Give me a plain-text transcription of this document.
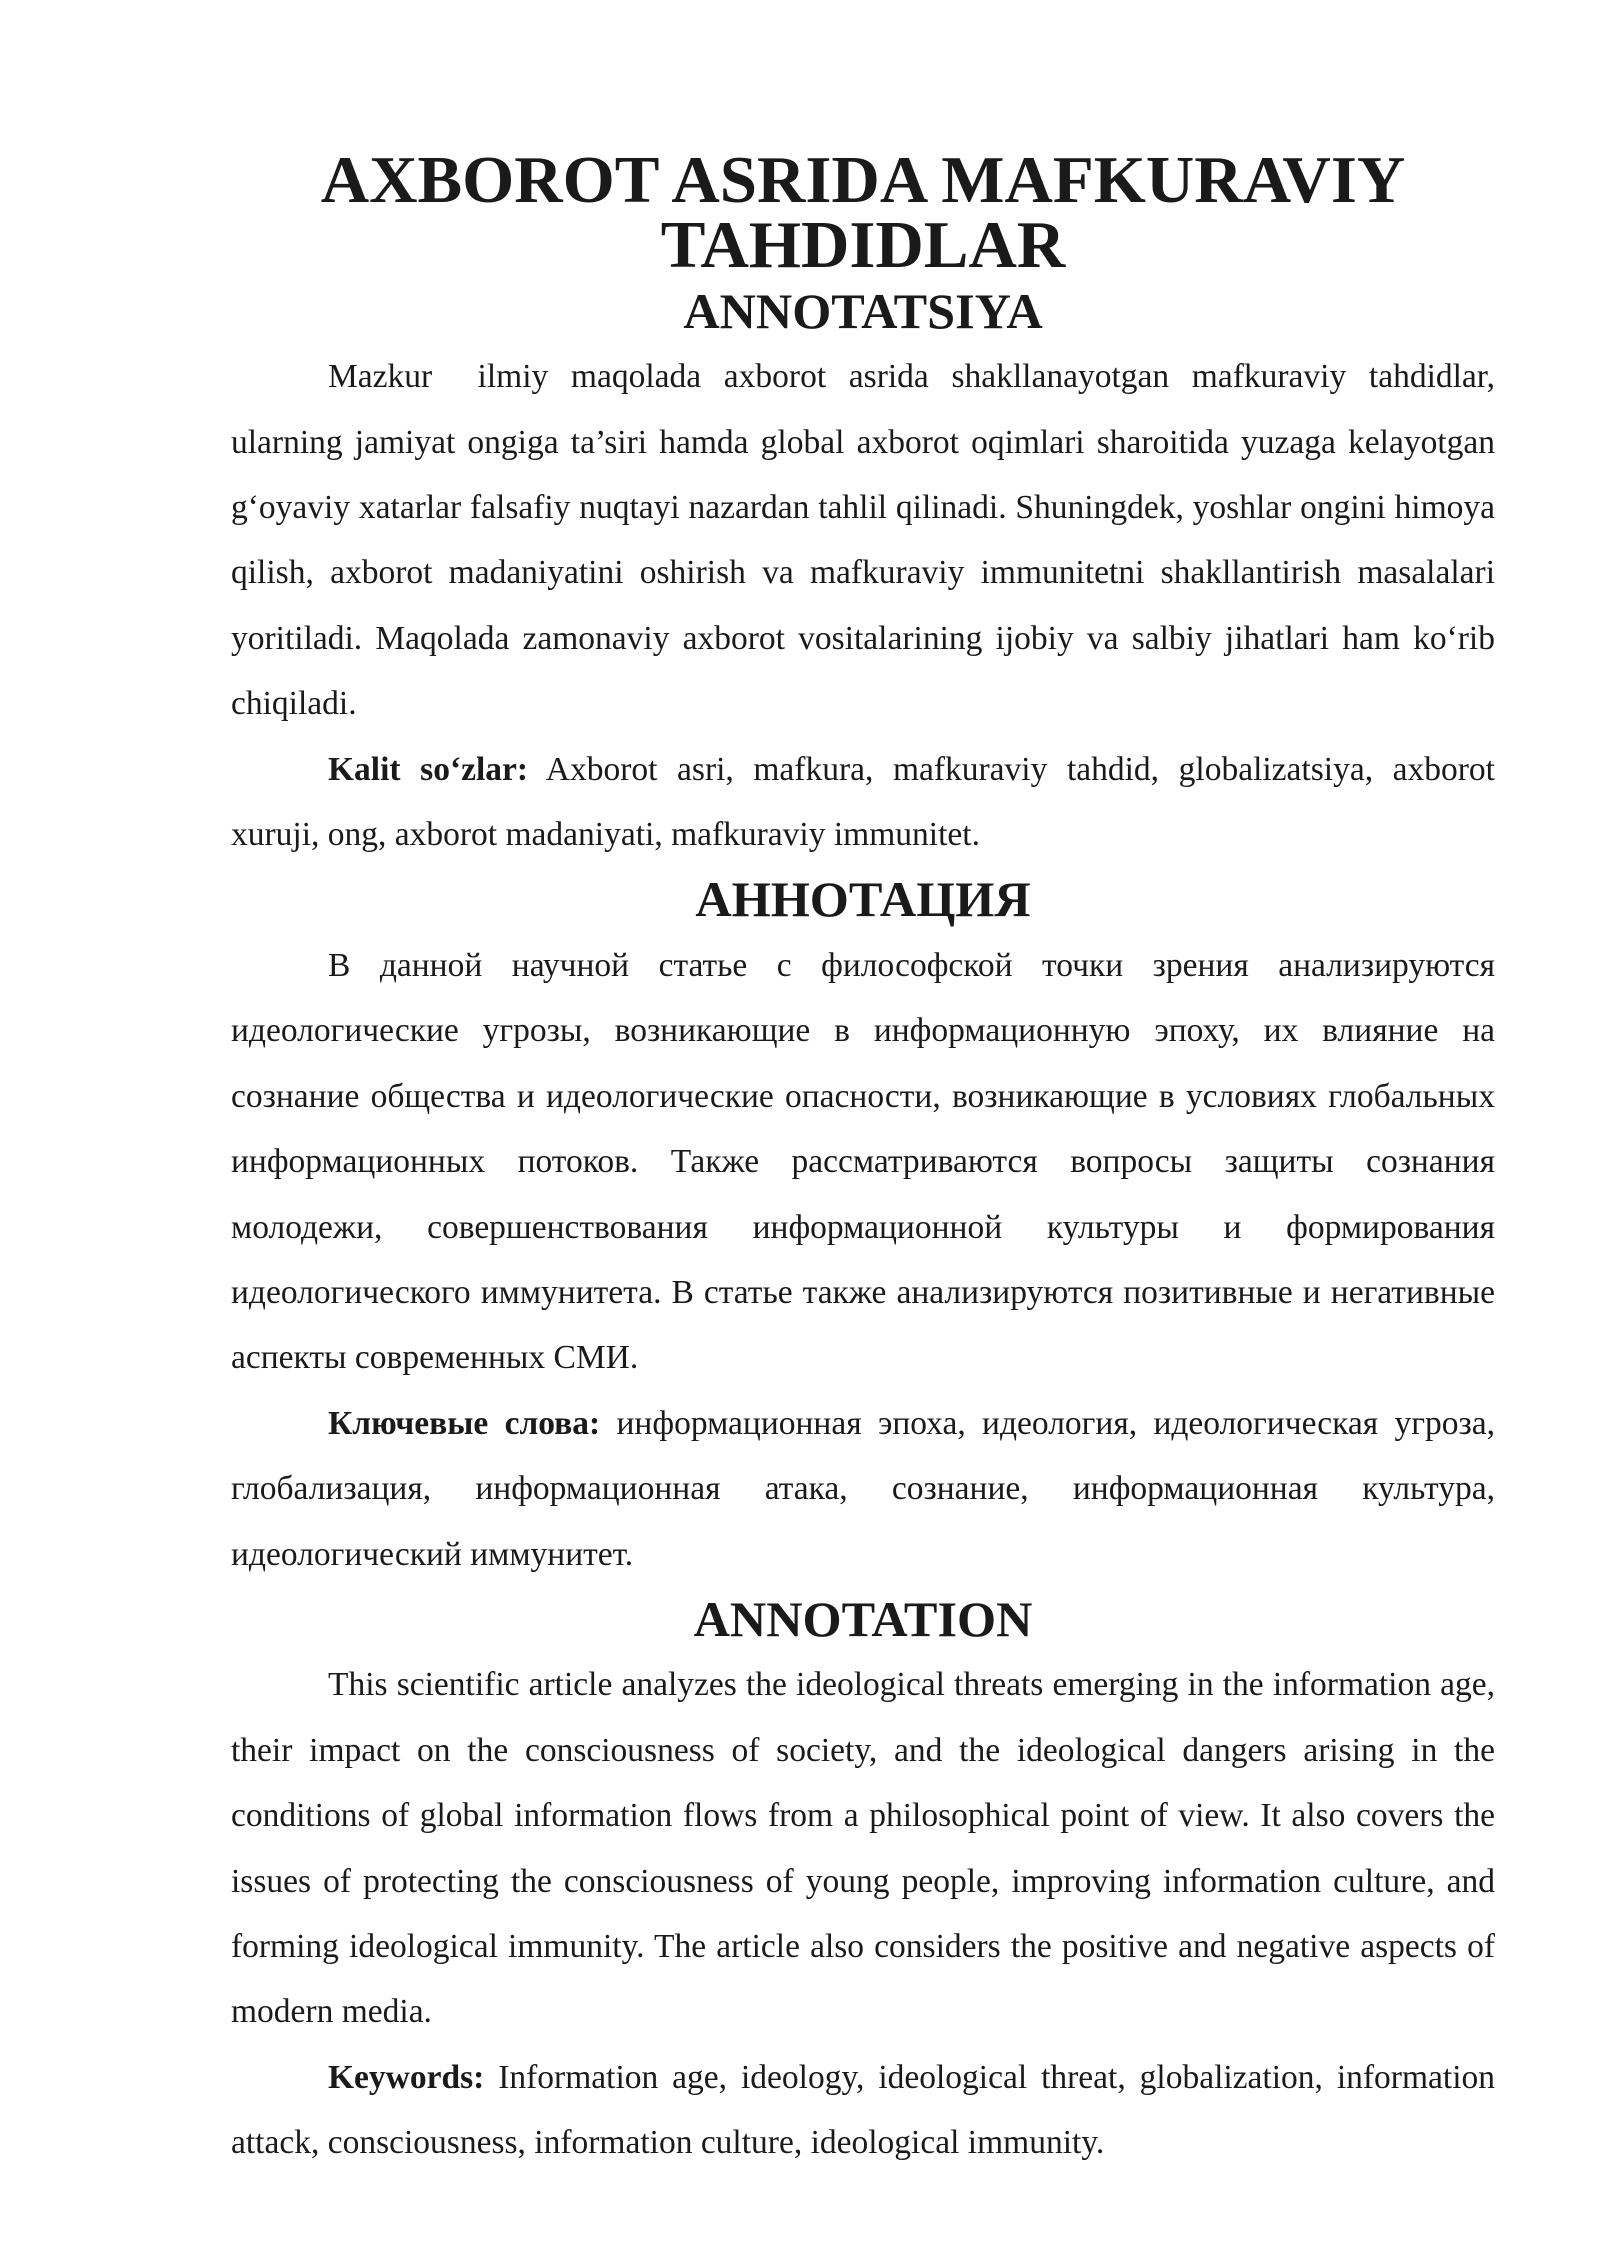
AXBOROT ASRIDA MAFKURAVIY TAHDIDLAR
ANNOTATSIYA

Mazkur  ilmiy maqolada axborot asrida shakllanayotgan mafkuraviy tahdidlar, ularning jamiyat ongiga ta’siri hamda global axborot oqimlari sharoitida yuzaga kelayotgan g‘oyaviy xatarlar falsafiy nuqtayi nazardan tahlil qilinadi. Shuningdek, yoshlar ongini himoya qilish, axborot madaniyatini oshirish va mafkuraviy immunitetni shakllantirish masalalari yoritiladi. Maqolada zamonaviy axborot vositalarining ijobiy va salbiy jihatlari ham ko‘rib chiqiladi.

Kalit so‘zlar: Axborot asri, mafkura, mafkuraviy tahdid, globalizatsiya, axborot xuruji, ong, axborot madaniyati, mafkuraviy immunitet.

АННОТАЦИЯ

В данной научной статье с философской точки зрения анализируются идеологические угрозы, возникающие в информационную эпоху, их влияние на сознание общества и идеологические опасности, возникающие в условиях глобальных информационных потоков. Также рассматриваются вопросы защиты сознания молодежи, совершенствования информационной культуры и формирования идеологического иммунитета. В статье также анализируются позитивные и негативные аспекты современных СМИ.

Ключевые слова: информационная эпоха, идеология, идеологическая угроза, глобализация, информационная атака, сознание, информационная культура, идеологический иммунитет.

ANNOTATION

This scientific article analyzes the ideological threats emerging in the information age, their impact on the consciousness of society, and the ideological dangers arising in the conditions of global information flows from a philosophical point of view. It also covers the issues of protecting the consciousness of young people, improving information culture, and forming ideological immunity. The article also considers the positive and negative aspects of modern media.

Keywords: Information age, ideology, ideological threat, globalization, information attack, consciousness, information culture, ideological immunity.
